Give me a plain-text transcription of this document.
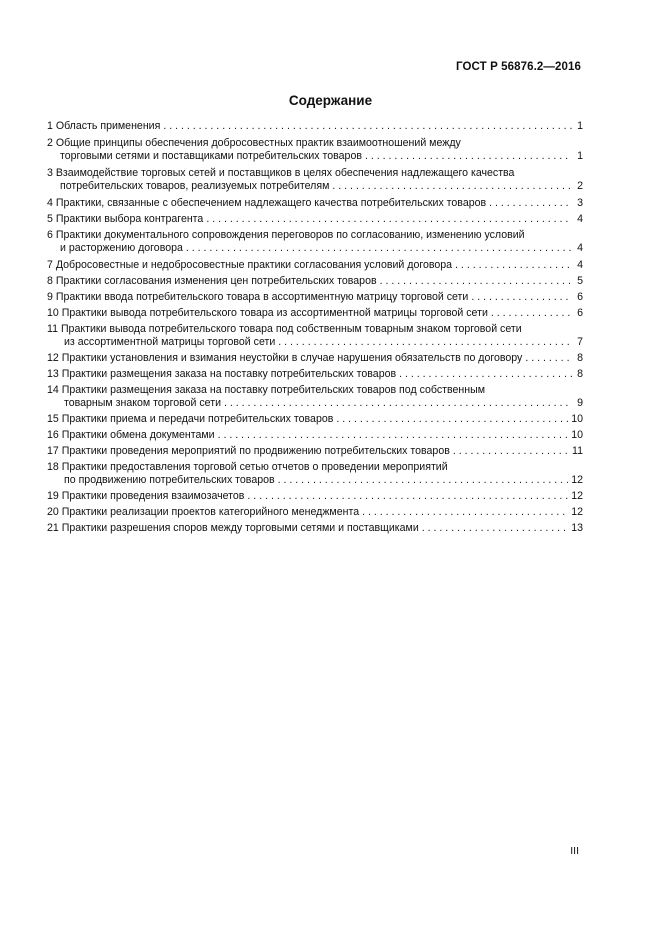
ГОСТ Р 56876.2—2016
Содержание
1 Область применения . . .	1
2 Общие принципы обеспечения добросовестных практик взаимоотношений между
торговыми сетями и поставщиками потребительских товаров . . .	1
3 Взаимодействие торговых сетей и поставщиков в целях обеспечения надлежащего качества
потребительских товаров, реализуемых потребителям . . .	2
4 Практики, связанные с обеспечением надлежащего качества потребительских товаров . . .	3
5 Практики выбора контрагента . . .	4
6 Практики документального сопровождения переговоров по согласованию, изменению условий
и расторжению договора . . .	4
7 Добросовестные и недобросовестные практики согласования условий договора . . .	4
8 Практики согласования изменения цен потребительских товаров . . .	5
9 Практики ввода потребительского товара в ассортиментную матрицу торговой сети . . .	6
10 Практики вывода потребительского товара из ассортиментной матрицы торговой сети . . .	6
11 Практики вывода потребительского товара под собственным товарным знаком торговой сети
из ассортиментной матрицы торговой сети . . .	7
12 Практики установления и взимания неустойки в случае нарушения обязательств по договору . . .	8
13 Практики размещения заказа на поставку потребительских товаров . . .	8
14 Практики размещения заказа на поставку потребительских товаров под собственным
товарным знаком торговой сети . . .	9
15 Практики приема и передачи потребительских товаров . . .	10
16 Практики обмена документами . . .	10
17 Практики проведения мероприятий по продвижению потребительских товаров . . .	11
18 Практики предоставления торговой сетью отчетов о проведении мероприятий
по продвижению потребительских товаров . . .	12
19 Практики проведения взаимозачетов . . .	12
20 Практики реализации проектов категорийного менеджмента . . .	12
21 Практики разрешения споров между торговыми сетями и поставщиками . . .	13
III
